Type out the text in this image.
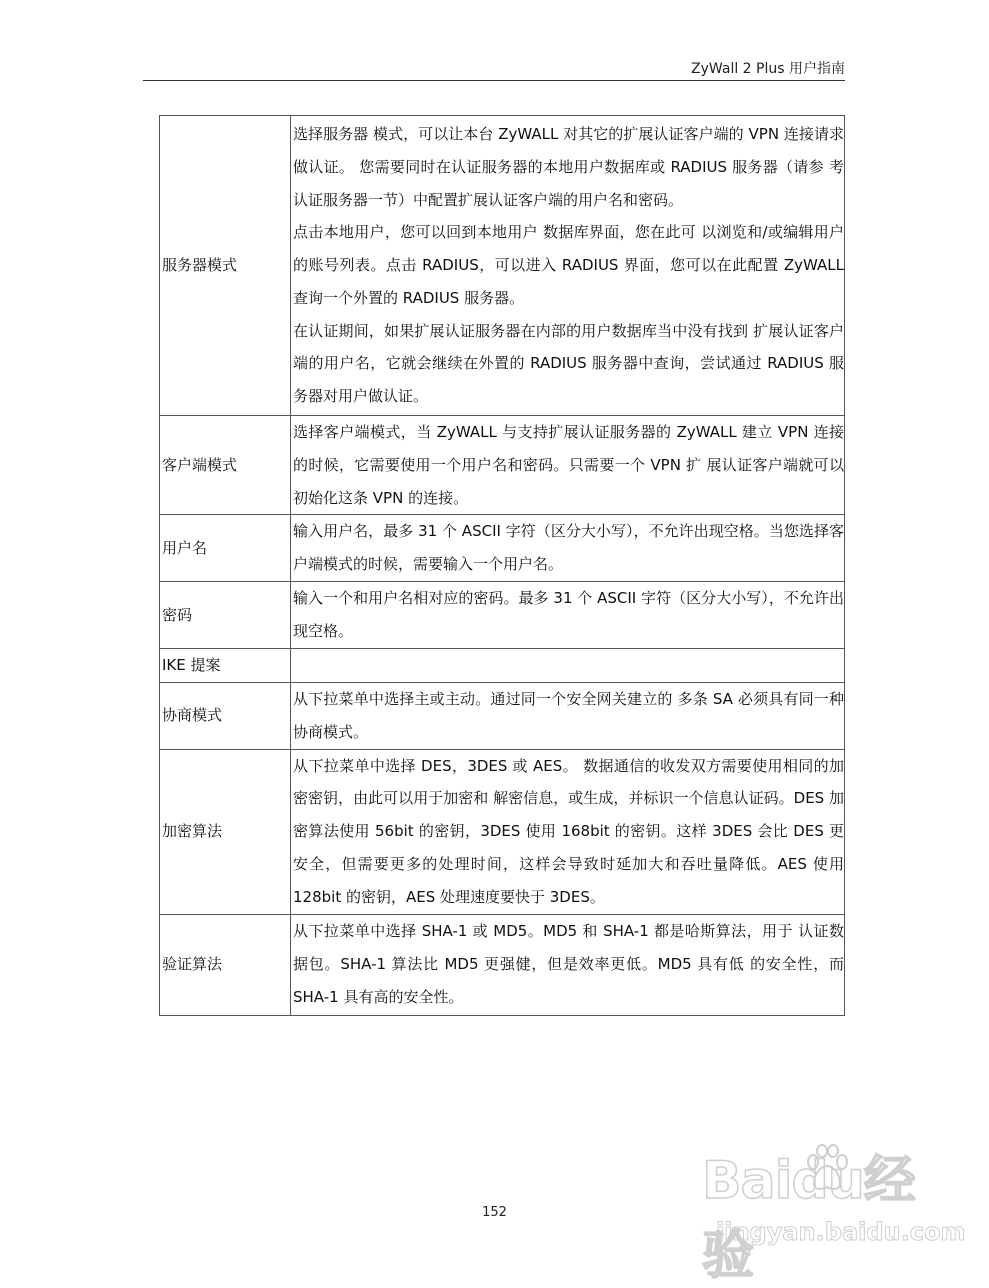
ZyWall 2 Plus 用户指南
服务器模式	选择服务器 模式，可以让本台 ZyWALL 对其它的扩展认证客户端的 VPN 连接请求做认证。 您需要同时在认证服务器的本地用户数据库或 RADIUS 服务器（请参 考认证服务器一节）中配置扩展认证客户端的用户名和密码。

点击本地用户，您可以回到本地用户 数据库界面，您在此可 以浏览和/或编辑用户的账号列表。点击 RADIUS，可以进入 RADIUS 界面，您可以在此配置 ZyWALL 查询一个外置的 RADIUS 服务器。

在认证期间，如果扩展认证服务器在内部的用户数据库当中没有找到 扩展认证客户端的用户名，它就会继续在外置的 RADIUS 服务器中查询，尝试通过 RADIUS 服务器对用户做认证。

客户端模式	选择客户端模式，当 ZyWALL 与支持扩展认证服务器的 ZyWALL 建立 VPN 连接的时候，它需要使用一个用户名和密码。只需要一个 VPN 扩 展认证客户端就可以初始化这条 VPN 的连接。

用户名	输入用户名，最多 31 个 ASCII 字符（区分大小写），不允许出现空格。当您选择客户端模式的时候，需要输入一个用户名。

密码	输入一个和用户名相对应的密码。最多 31 个 ASCII 字符（区分大小写），不允许出现空格。

IKE 提案	
协商模式	从下拉菜单中选择主或主动。通过同一个安全网关建立的 多条 SA 必须具有同一种协商模式。

加密算法	从下拉菜单中选择 DES，3DES 或 AES。 数据通信的收发双方需要使用相同的加密密钥，由此可以用于加密和 解密信息，或生成，并标识一个信息认证码。DES 加密算法使用 56bit 的密钥，3DES 使用 168bit 的密钥。这样 3DES 会比 DES 更安全，但需要更多的处理时间，这样会导致时延加大和吞吐量降低。AES 使用 128bit 的密钥，AES 处理速度要快于 3DES。

验证算法	从下拉菜单中选择 SHA-1 或 MD5。MD5 和 SHA-1 都是哈斯算法，用于 认证数据包。SHA-1 算法比 MD5 更强健，但是效率更低。MD5 具有低 的安全性，而 SHA-1 具有高的安全性。

152
Baidu经验
jingyan.baidu.com
